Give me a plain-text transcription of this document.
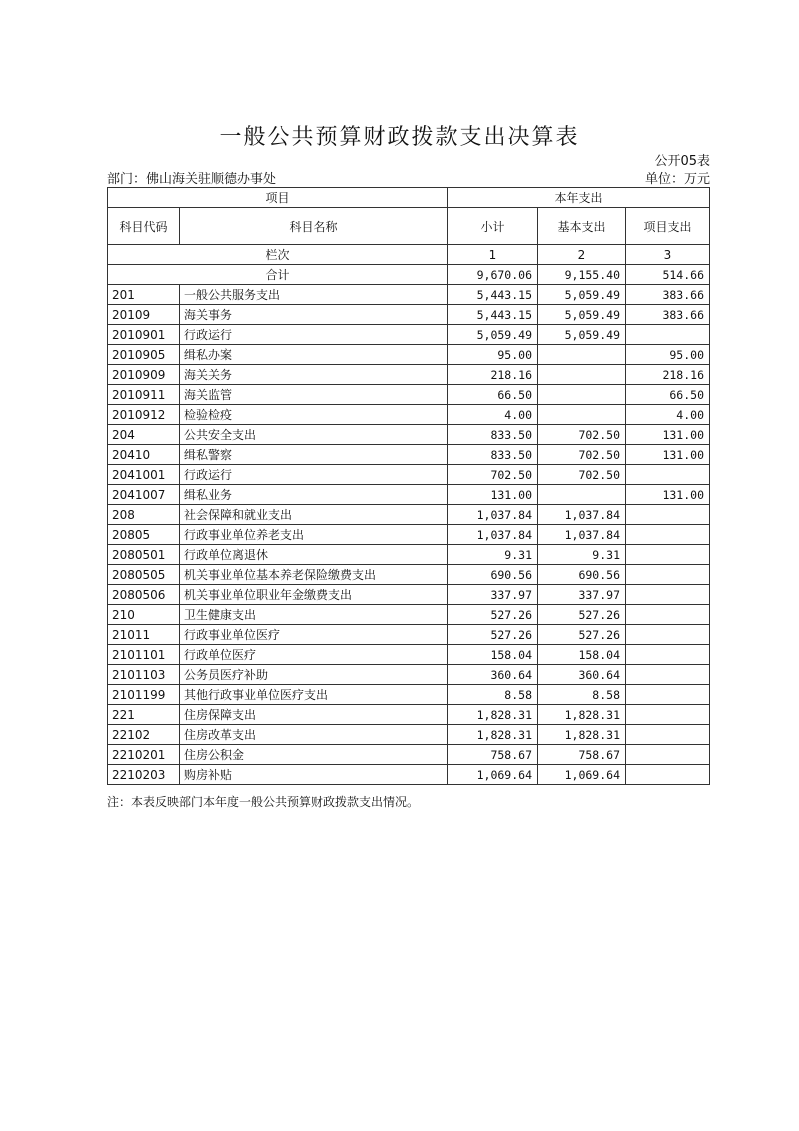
一般公共预算财政拨款支出决算表
公开05表
部门：佛山海关驻顺德办事处	单位：万元
项目		本年支出		
科目代码	科目名称	小计	基本支出	项目支出
栏次		1	2	3
合计		9,670.06	9,155.40	514.66
201	一般公共服务支出	5,443.15	5,059.49	383.66
20109	海关事务	5,443.15	5,059.49	383.66
2010901	行政运行	5,059.49	5,059.49	
2010905	缉私办案	95.00		95.00
2010909	海关关务	218.16		218.16
2010911	海关监管	66.50		66.50
2010912	检验检疫	4.00		4.00
204	公共安全支出	833.50	702.50	131.00
20410	缉私警察	833.50	702.50	131.00
2041001	行政运行	702.50	702.50	
2041007	缉私业务	131.00		131.00
208	社会保障和就业支出	1,037.84	1,037.84	
20805	行政事业单位养老支出	1,037.84	1,037.84	
2080501	行政单位离退休	9.31	9.31	
2080505	机关事业单位基本养老保险缴费支出	690.56	690.56	
2080506	机关事业单位职业年金缴费支出	337.97	337.97	
210	卫生健康支出	527.26	527.26	
21011	行政事业单位医疗	527.26	527.26	
2101101	行政单位医疗	158.04	158.04	
2101103	公务员医疗补助	360.64	360.64	
2101199	其他行政事业单位医疗支出	8.58	8.58	
221	住房保障支出	1,828.31	1,828.31	
22102	住房改革支出	1,828.31	1,828.31	
2210201	住房公积金	758.67	758.67	
2210203	购房补贴	1,069.64	1,069.64	
注：本表反映部门本年度一般公共预算财政拨款支出情况。
